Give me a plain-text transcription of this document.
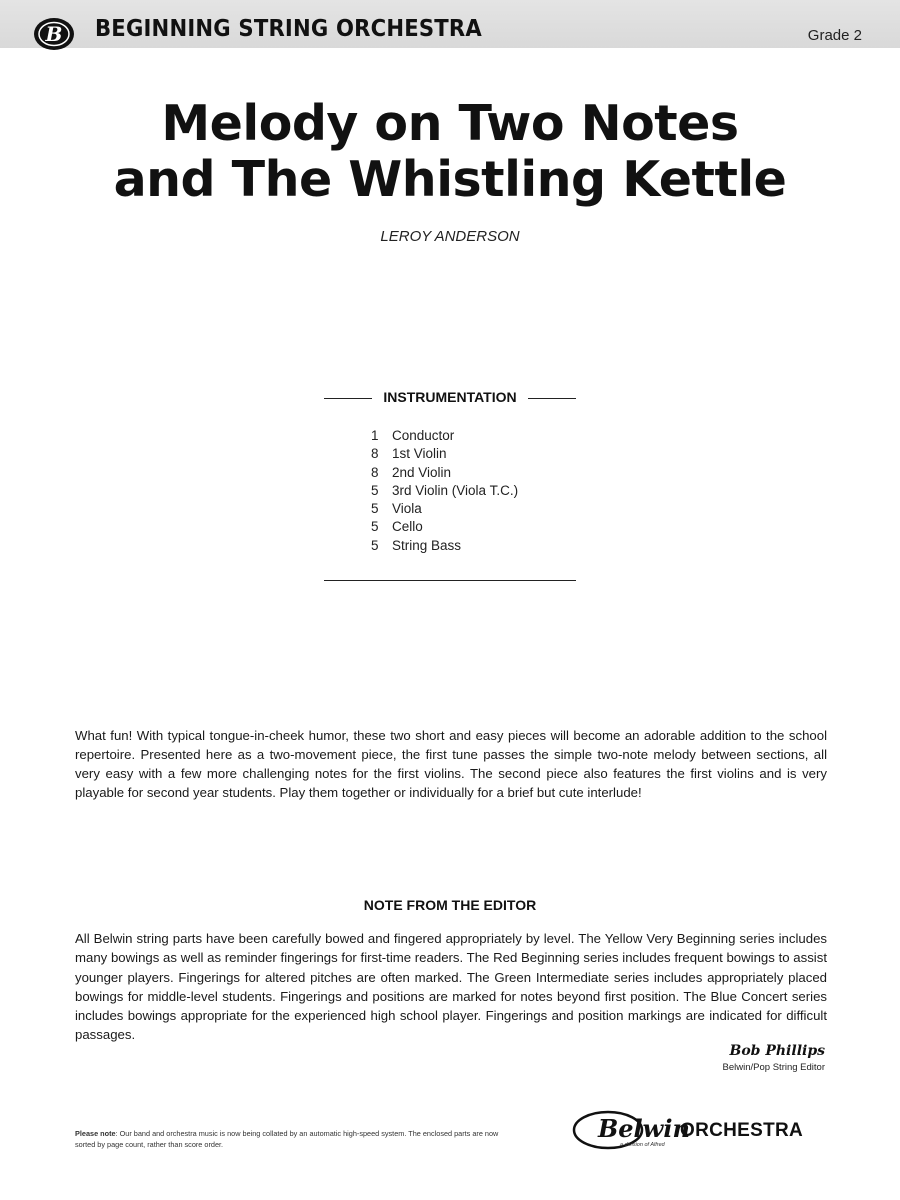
B BEGINNING STRING ORCHESTRA	Grade 2
Melody on Two Notes
and The Whistling Kettle
LEROY ANDERSON
INSTRUMENTATION
1 Conductor
8 1st Violin
8 2nd Violin
5 3rd Violin (Viola T.C.)
5 Viola
5 Cello
5 String Bass

What fun! With typical tongue-in-cheek humor, these two short and easy pieces will become an adorable addition to the school repertoire. Presented here as a two-movement piece, the first tune passes the simple two-note melody between sections, all very easy with a few more challenging notes for the first violins. The second piece also features the first violins and is very playable for second year students. Play them together or individually for a brief but cute interlude!

NOTE FROM THE EDITOR

All Belwin string parts have been carefully bowed and fingered appropriately by level. The Yellow Very Beginning series includes many bowings as well as reminder fingerings for first-time readers. The Red Beginning series includes frequent bowings to assist younger players. Fingerings for altered pitches are often marked. The Green Intermediate series includes appropriately placed bowings for middle-level students. Fingerings and positions are marked for notes beyond first position. The Blue Concert series includes bowings appropriate for the experienced high school player. Fingerings and position markings are indicated for difficult passages.

Bob Phillips
Belwin/Pop String Editor
Please note: Our band and orchestra music is now being collated by an automatic high-speed system. The enclosed parts are now sorted by page count, rather than score order.
Belwin
ORCHESTRA
a division of Alfred
